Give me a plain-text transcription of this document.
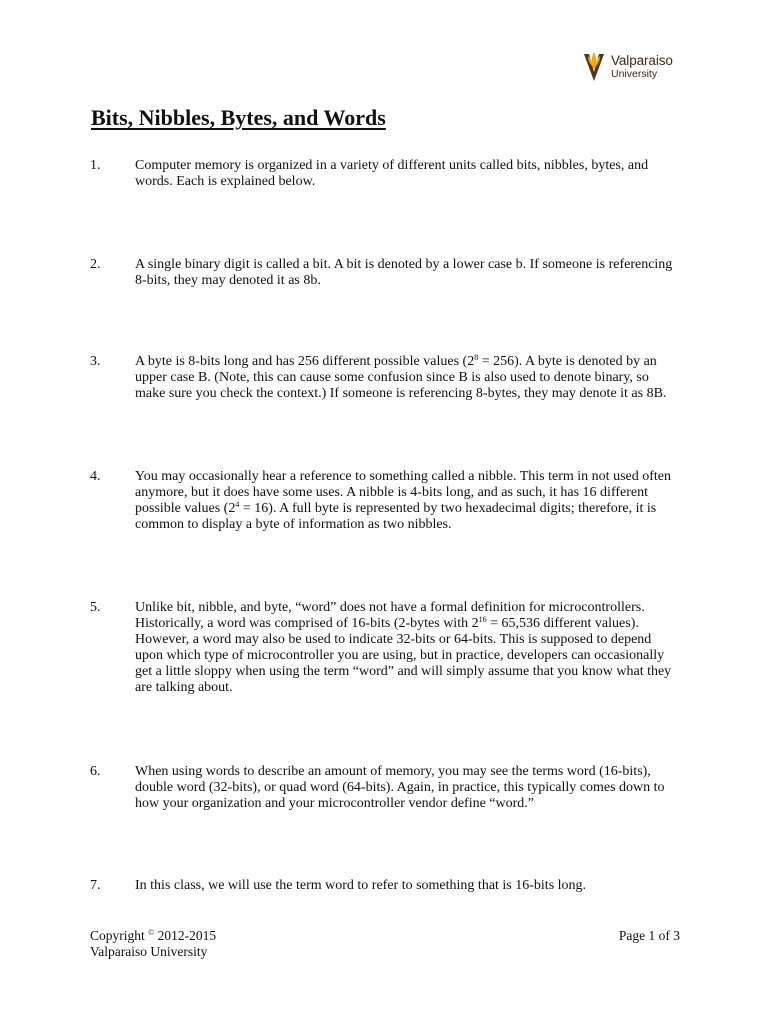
Valparaiso
University
Bits, Nibbles, Bytes, and Words
1. Computer memory is organized in a variety of different units called bits, nibbles, bytes, and words. Each is explained below.
2. A single binary digit is called a bit. A bit is denoted by a lower case b. If someone is referencing 8-bits, they may denoted it as 8b.
3. A byte is 8-bits long and has 256 different possible values $(2^8 = 256)$. A byte is denoted by an upper case B. (Note, this can cause some confusion since B is also used to denote binary, so make sure you check the context.) If someone is referencing 8-bytes, they may denote it as 8B.
4. You may occasionally hear a reference to something called a nibble. This term in not used often anymore, but it does have some uses. A nibble is 4-bits long, and as such, it has 16 different possible values $(2^4 = 16)$. A full byte is represented by two hexadecimal digits; therefore, it is common to display a byte of information as two nibbles.
5. Unlike bit, nibble, and byte, “word” does not have a formal definition for microcontrollers. Historically, a word was comprised of 16-bits (2-bytes with $2^{16} = 65,536$ different values). However, a word may also be used to indicate 32-bits or 64-bits. This is supposed to depend upon which type of microcontroller you are using, but in practice, developers can occasionally get a little sloppy when using the term “word” and will simply assume that you know what they are talking about.
6. When using words to describe an amount of memory, you may see the terms word (16-bits), double word (32-bits), or quad word (64-bits). Again, in practice, this typically comes down to how your organization and your microcontroller vendor define “word.”
7. In this class, we will use the term word to refer to something that is 16-bits long.
Copyright © 2012-2015
Valparaiso University
Page 1 of 3
